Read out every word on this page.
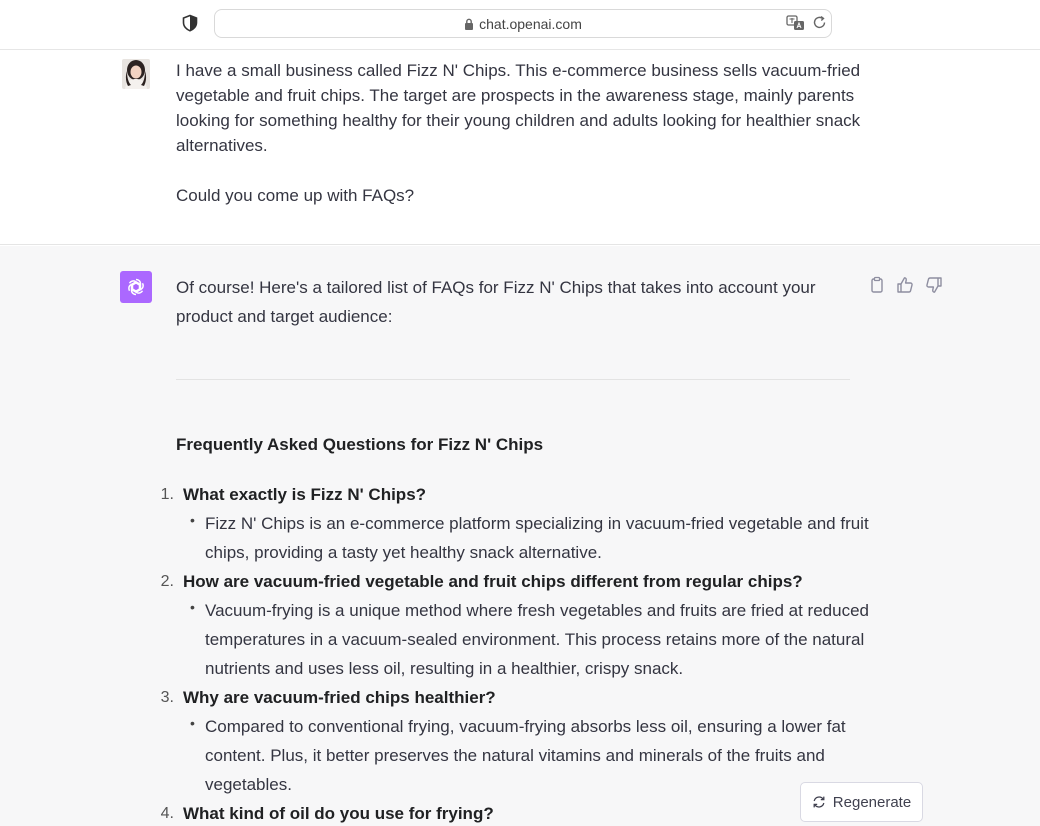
chat.openai.com

I have a small business called Fizz N' Chips. This e-commerce business sells vacuum-fried vegetable and fruit chips. The target are prospects in the awareness stage, mainly parents looking for something healthy for their young children and adults looking for healthier snack alternatives.

Could you come up with FAQs?

Of course! Here's a tailored list of FAQs for Fizz N' Chips that takes into account your product and target audience:
Frequently Asked Questions for Fizz N' Chips
1. What exactly is Fizz N' Chips?
• Fizz N' Chips is an e-commerce platform specializing in vacuum-fried vegetable and fruit chips, providing a tasty yet healthy snack alternative.
2. How are vacuum-fried vegetable and fruit chips different from regular chips?
• Vacuum-frying is a unique method where fresh vegetables and fruits are fried at reduced temperatures in a vacuum-sealed environment. This process retains more of the natural nutrients and uses less oil, resulting in a healthier, crispy snack.
3. Why are vacuum-fried chips healthier?
• Compared to conventional frying, vacuum-frying absorbs less oil, ensuring a lower fat content. Plus, it better preserves the natural vitamins and minerals of the fruits and vegetables.
4. What kind of oil do you use for frying?
Regenerate
